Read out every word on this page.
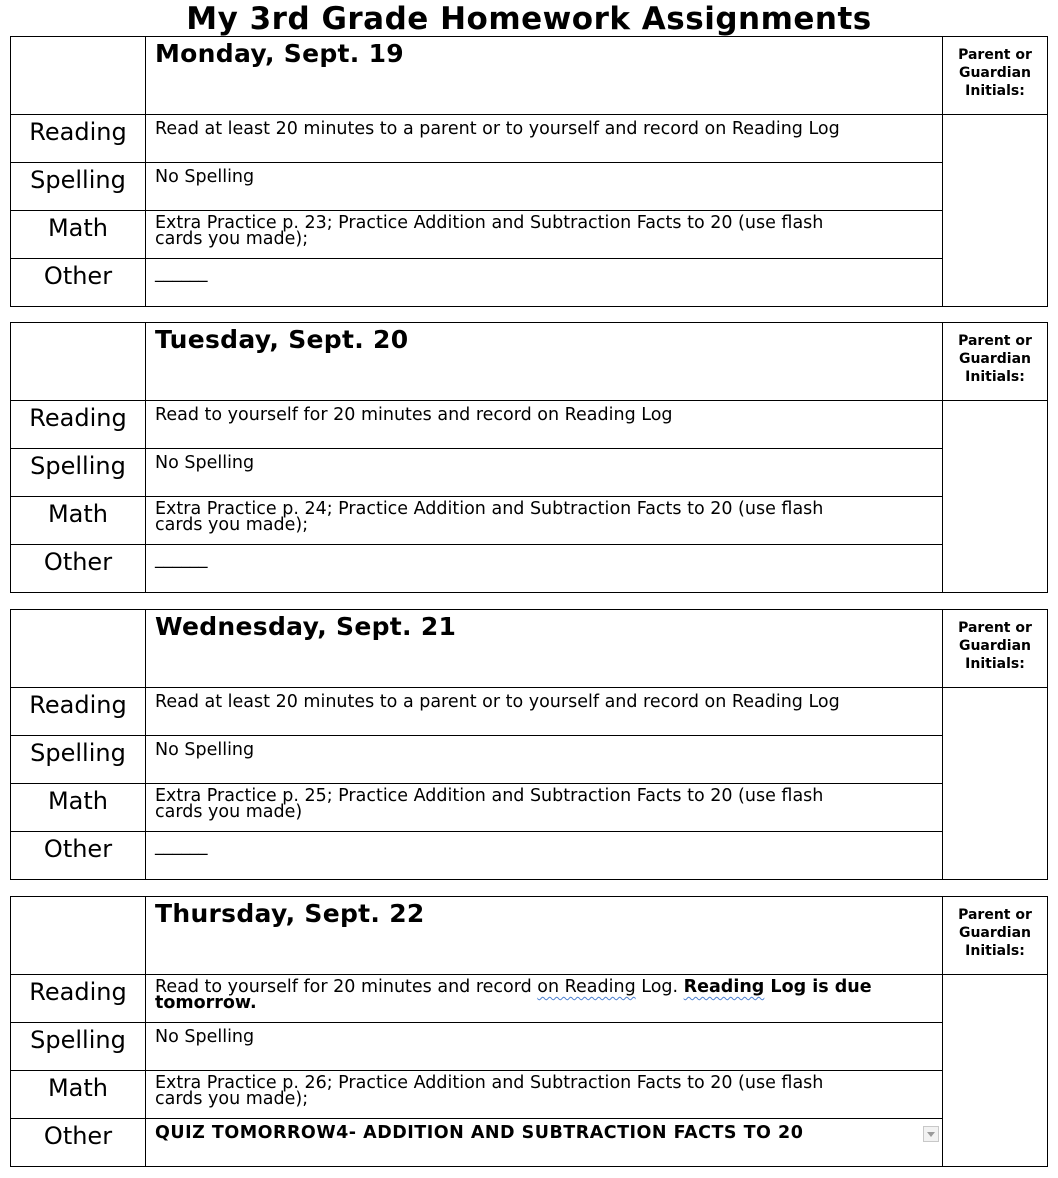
My 3rd Grade Homework Assignments

	Monday, Sept. 19	Parent or
Guardian
Initials:

Reading	Read at least 20 minutes to a parent or to yourself and record on Reading Log	

Spelling	No Spelling	

Math	Extra Practice p. 23; Practice Addition and Subtraction Facts to 20 (use flash
cards you made);	

Other	______	

	Tuesday, Sept. 20	Parent or
Guardian
Initials:

Reading	Read to yourself for 20 minutes and record on Reading Log	

Spelling	No Spelling	

Math	Extra Practice p. 24; Practice Addition and Subtraction Facts to 20 (use flash
cards you made);	

Other	______	

	Wednesday, Sept. 21	Parent or
Guardian
Initials:

Reading	Read at least 20 minutes to a parent or to yourself and record on Reading Log	

Spelling	No Spelling	

Math	Extra Practice p. 25; Practice Addition and Subtraction Facts to 20 (use flash
cards you made)	

Other	______	

	Thursday, Sept. 22	Parent or
Guardian
Initials:

Reading	Read to yourself for 20 minutes and record on Reading Log. Reading Log is due
tomorrow.	

Spelling	No Spelling	

Math	Extra Practice p. 26; Practice Addition and Subtraction Facts to 20 (use flash
cards you made);	

Other	QUIZ TOMORROW4- ADDITION AND SUBTRACTION FACTS TO 20	
